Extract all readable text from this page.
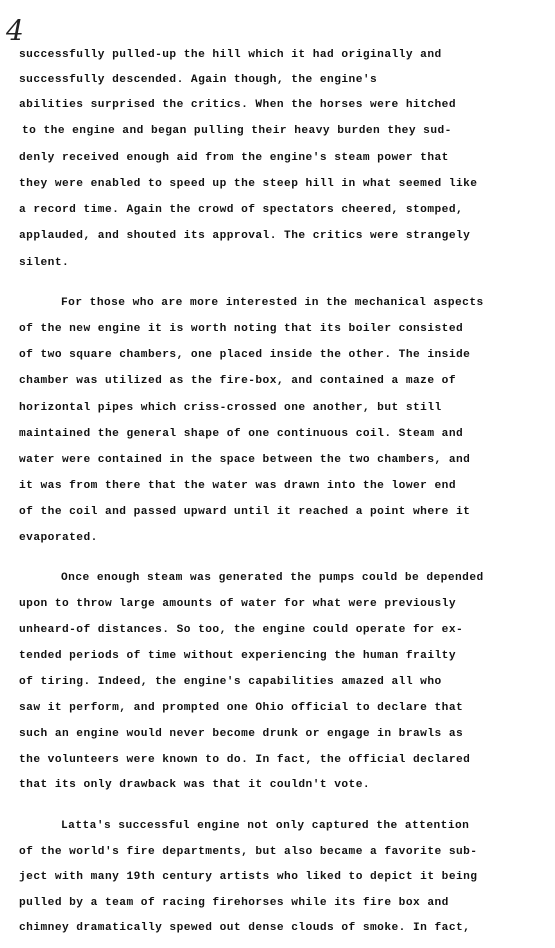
4
successfully pulled-up the hill which it had originally and
successfully descended. Again though, the engine's
abilities surprised the critics. When the horses were hitched
to the engine and began pulling their heavy burden they sud-
denly received enough aid from the engine's steam power that
they were enabled to speed up the steep hill in what seemed like
a record time. Again the crowd of spectators cheered, stomped,
applauded, and shouted its approval. The critics were strangely
silent.
For those who are more interested in the mechanical aspects
of the new engine it is worth noting that its boiler consisted
of two square chambers, one placed inside the other. The inside
chamber was utilized as the fire-box, and contained a maze of
horizontal pipes which criss-crossed one another, but still
maintained the general shape of one continuous coil. Steam and
water were contained in the space between the two chambers, and
it was from there that the water was drawn into the lower end
of the coil and passed upward until it reached a point where it
evaporated.
Once enough steam was generated the pumps could be depended
upon to throw large amounts of water for what were previously
unheard-of distances. So too, the engine could operate for ex-
tended periods of time without experiencing the human frailty
of tiring. Indeed, the engine's capabilities amazed all who
saw it perform, and prompted one Ohio official to declare that
such an engine would never become drunk or engage in brawls as
the volunteers were known to do. In fact, the official declared
that its only drawback was that it couldn't vote.
Latta's successful engine not only captured the attention
of the world's fire departments, but also became a favorite sub-
ject with many 19th century artists who liked to depict it being
pulled by a team of racing firehorses while its fire box and
chimney dramatically spewed out dense clouds of smoke. In fact,
